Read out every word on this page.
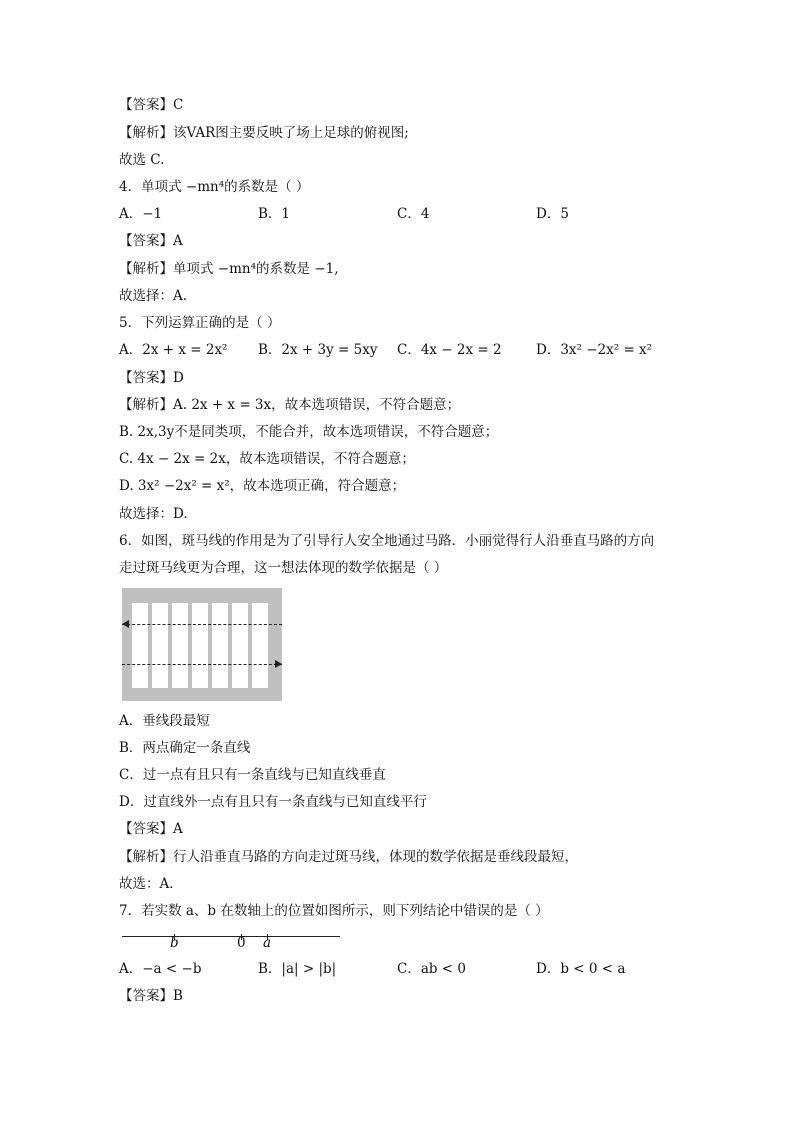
【答案】C
【解析】该VAR图主要反映了场上足球的俯视图;
故选 C.
4．单项式 −mn⁴的系数是（ ）
A．−1	B．1	C．4	D．5
【答案】A
【解析】单项式 −mn⁴的系数是 −1,
故选择：A.
5．下列运算正确的是（ ）
A．2x + x = 2x² B．2x + 3y = 5xy C．4x − 2x = 2	D．3x² −2x² = x²
【答案】D
【解析】A. 2x + x = 3x，故本选项错误，不符合题意；
B. 2x,3y不是同类项，不能合并，故本选项错误，不符合题意；
C. 4x − 2x = 2x，故本选项错误，不符合题意；
D. 3x² −2x² = x²，故本选项正确，符合题意；
故选择：D.
6．如图，斑马线的作用是为了引导行人安全地通过马路．小丽觉得行人沿垂直马路的方向
走过斑马线更为合理，这一想法体现的数学依据是（ ）
A．垂线段最短
B．两点确定一条直线
C．过一点有且只有一条直线与已知直线垂直
D．过直线外一点有且只有一条直线与已知直线平行
【答案】A
【解析】行人沿垂直马路的方向走过斑马线，体现的数学依据是垂线段最短，
故选：A．
7．若实数 a、b 在数轴上的位置如图所示，则下列结论中错误的是（ ）
b	0 a
A．−a < −b	B．|a| > |b|	C．ab < 0	D．b < 0 < a
【答案】B
